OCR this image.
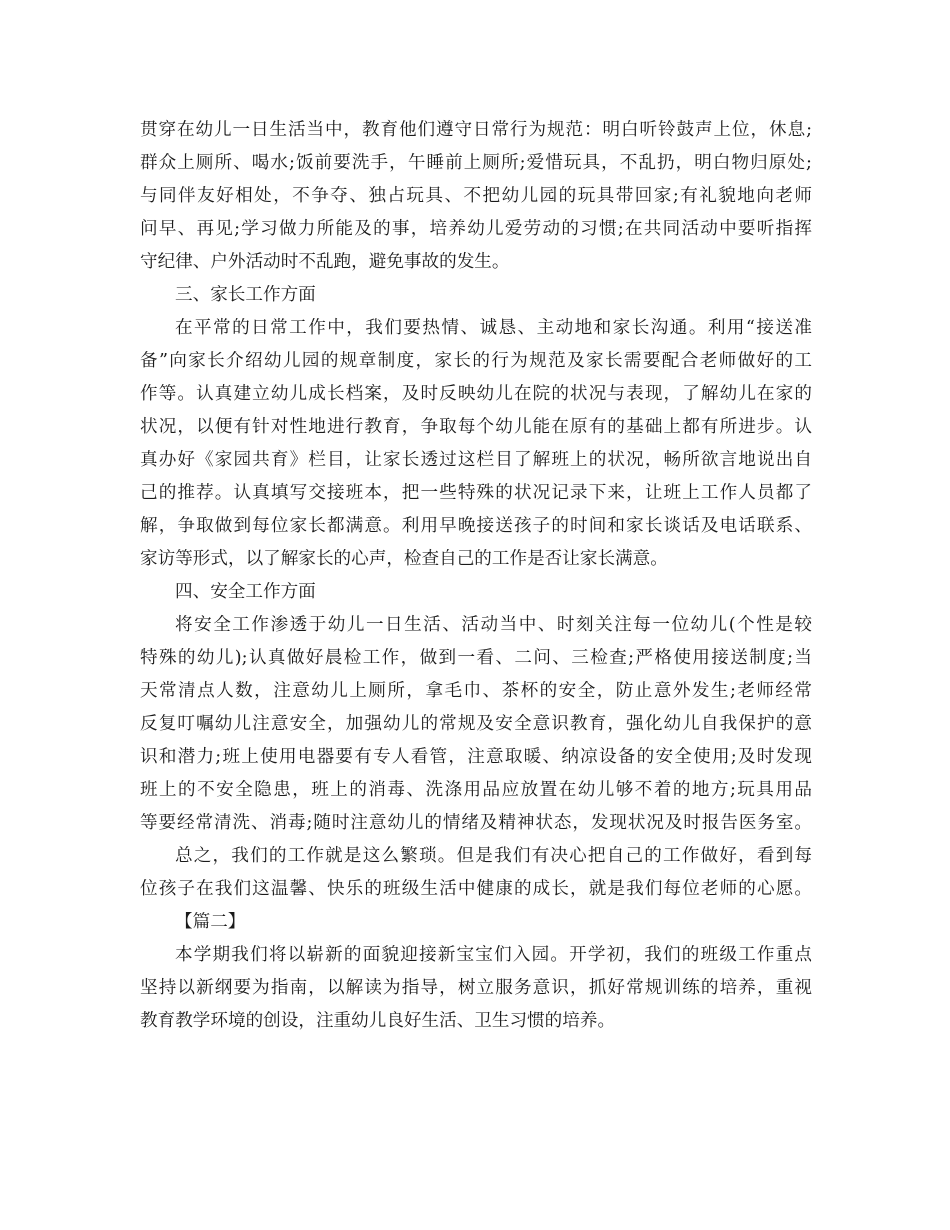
贯穿在幼儿一日生活当中，教育他们遵守日常行为规范：明白听铃鼓声上位，休息;
群众上厕所、喝水;饭前要洗手，午睡前上厕所;爱惜玩具，不乱扔，明白物归原处;
与同伴友好相处，不争夺、独占玩具、不把幼儿园的玩具带回家;有礼貌地向老师
问早、再见;学习做力所能及的事，培养幼儿爱劳动的习惯;在共同活动中要听指挥
守纪律、户外活动时不乱跑，避免事故的发生。
三、家长工作方面
在平常的日常工作中，我们要热情、诚恳、主动地和家长沟通。利用“接送准
备”向家长介绍幼儿园的规章制度，家长的行为规范及家长需要配合老师做好的工
作等。认真建立幼儿成长档案，及时反映幼儿在院的状况与表现，了解幼儿在家的
状况，以便有针对性地进行教育，争取每个幼儿能在原有的基础上都有所进步。认
真办好《家园共育》栏目，让家长透过这栏目了解班上的状况，畅所欲言地说出自
己的推荐。认真填写交接班本，把一些特殊的状况记录下来，让班上工作人员都了
解，争取做到每位家长都满意。利用早晚接送孩子的时间和家长谈话及电话联系、
家访等形式，以了解家长的心声，检查自己的工作是否让家长满意。
四、安全工作方面
将安全工作渗透于幼儿一日生活、活动当中、时刻关注每一位幼儿(个性是较
特殊的幼儿);认真做好晨检工作，做到一看、二问、三检查;严格使用接送制度;当
天常清点人数，注意幼儿上厕所，拿毛巾、茶杯的安全，防止意外发生;老师经常
反复叮嘱幼儿注意安全，加强幼儿的常规及安全意识教育，强化幼儿自我保护的意
识和潜力;班上使用电器要有专人看管，注意取暖、纳凉设备的安全使用;及时发现
班上的不安全隐患，班上的消毒、洗涤用品应放置在幼儿够不着的地方;玩具用品
等要经常清洗、消毒;随时注意幼儿的情绪及精神状态，发现状况及时报告医务室。
总之，我们的工作就是这么繁琐。但是我们有决心把自己的工作做好，看到每
位孩子在我们这温馨、快乐的班级生活中健康的成长，就是我们每位老师的心愿。
【篇二】
本学期我们将以崭新的面貌迎接新宝宝们入园。开学初，我们的班级工作重点
坚持以新纲要为指南，以解读为指导，树立服务意识，抓好常规训练的培养，重视
教育教学环境的创设，注重幼儿良好生活、卫生习惯的培养。
